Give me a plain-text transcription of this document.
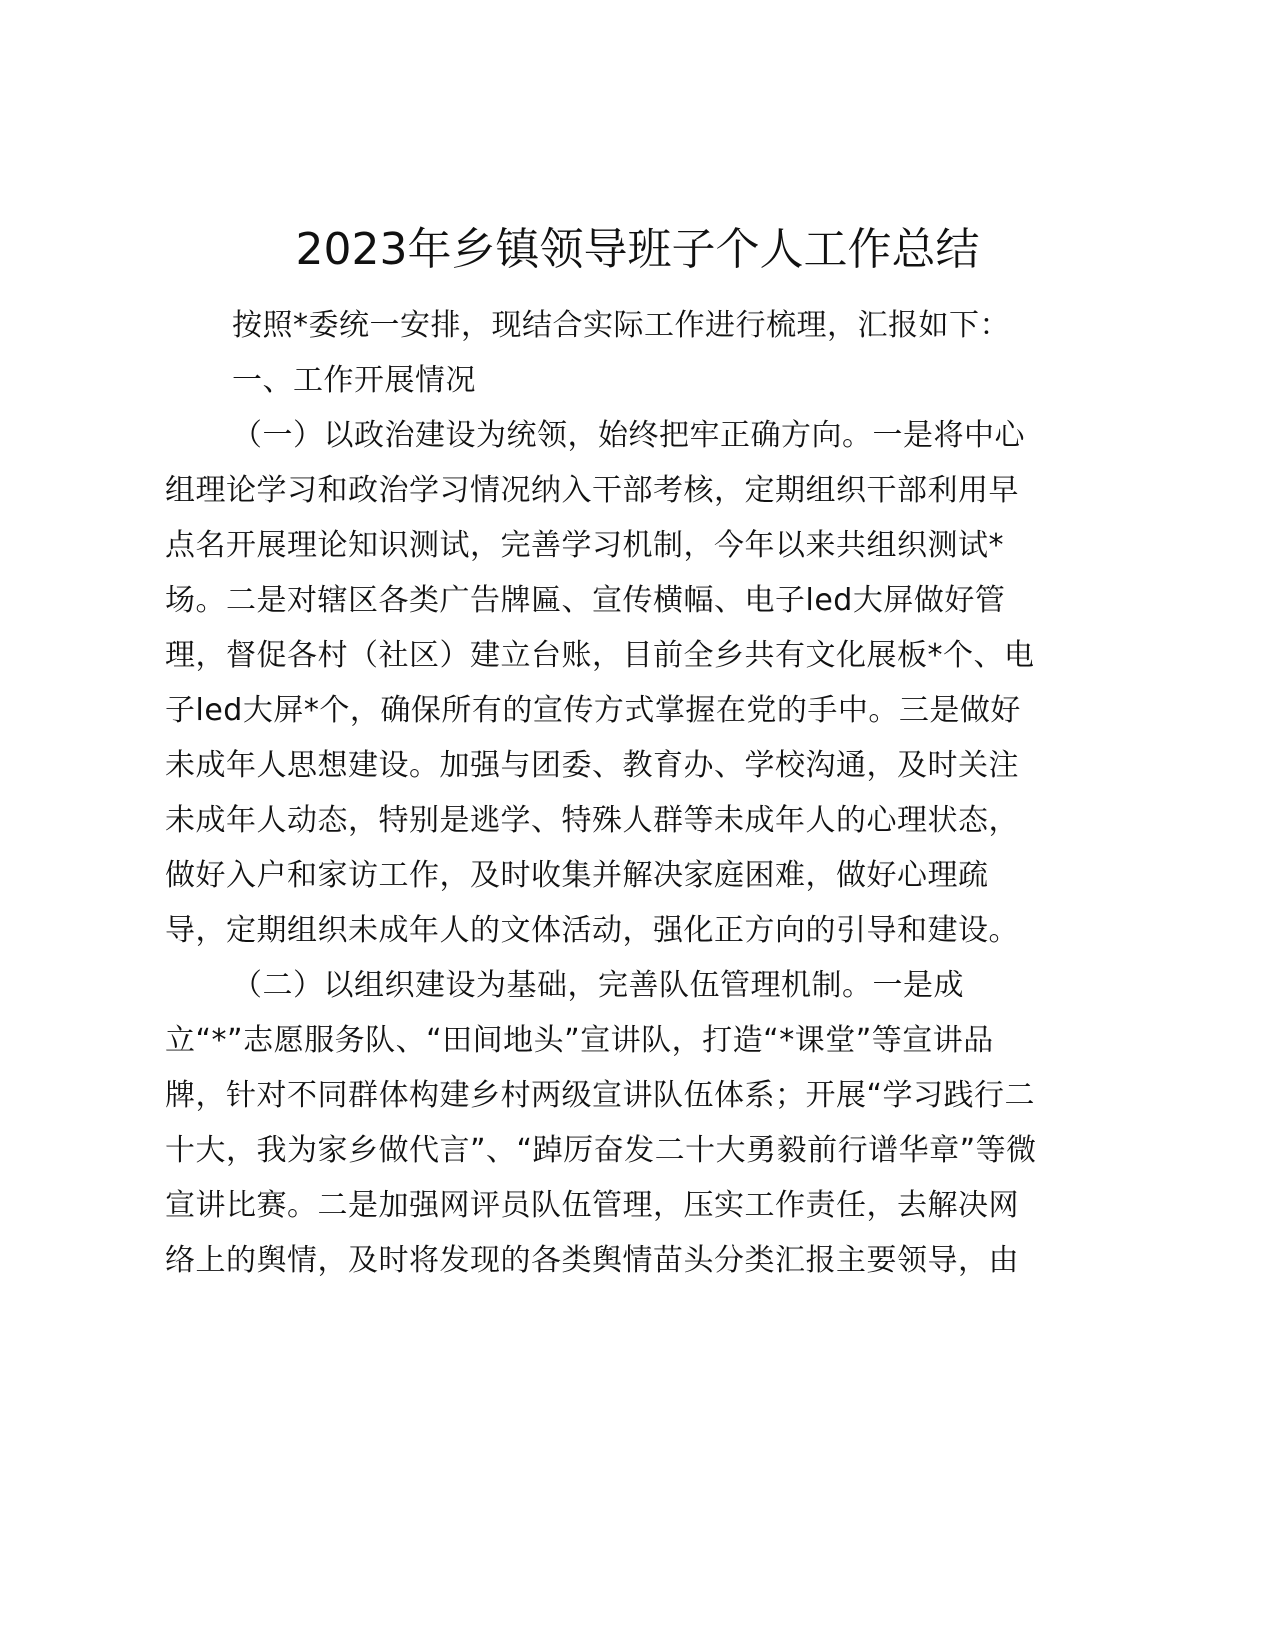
2023年乡镇领导班子个人工作总结
按照*委统一安排，现结合实际工作进行梳理，汇报如下：
一、工作开展情况
（一）以政治建设为统领，始终把牢正确方向。一是将中心
组理论学习和政治学习情况纳入干部考核，定期组织干部利用早
点名开展理论知识测试，完善学习机制，今年以来共组织测试*
场。二是对辖区各类广告牌匾、宣传横幅、电子led大屏做好管
理，督促各村（社区）建立台账，目前全乡共有文化展板*个、电
子led大屏*个，确保所有的宣传方式掌握在党的手中。三是做好
未成年人思想建设。加强与团委、教育办、学校沟通，及时关注
未成年人动态，特别是逃学、特殊人群等未成年人的心理状态，
做好入户和家访工作，及时收集并解决家庭困难，做好心理疏
导，定期组织未成年人的文体活动，强化正方向的引导和建设。
（二）以组织建设为基础，完善队伍管理机制。一是成
立“*”志愿服务队、“田间地头”宣讲队，打造“*课堂”等宣讲品
牌，针对不同群体构建乡村两级宣讲队伍体系；开展“学习践行二
十大，我为家乡做代言”、“踔厉奋发二十大勇毅前行谱华章”等微
宣讲比赛。二是加强网评员队伍管理，压实工作责任，去解决网
络上的舆情，及时将发现的各类舆情苗头分类汇报主要领导，由
